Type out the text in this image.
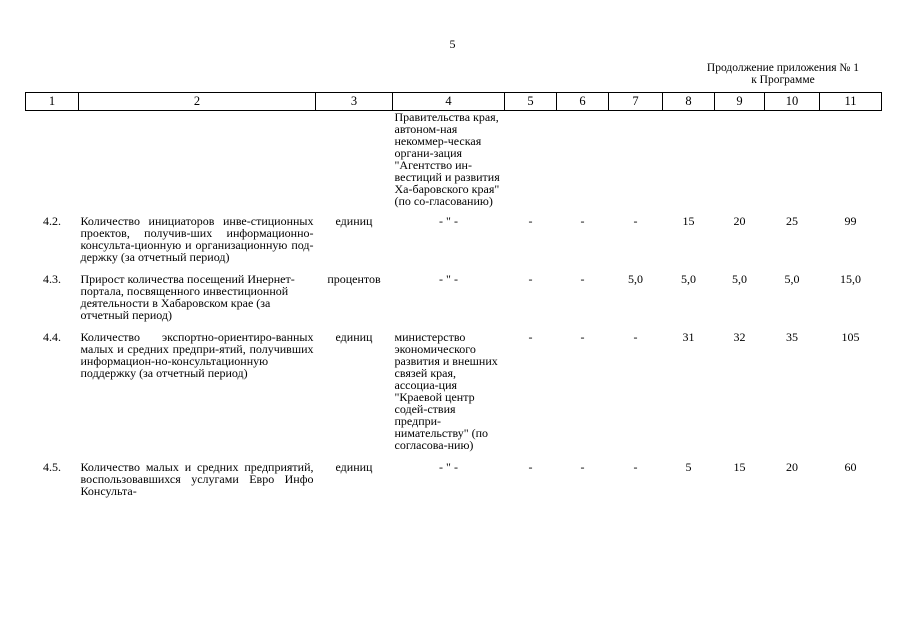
5
Продолжение приложения № 1
к Программе
1	2	3	4	5	6	7	8	9	10	11
			Правительства края, автоном-ная некоммер-ческая органи-зация "Агентство ин-вестиций и развития Ха-баровского края" (по со-гласованию)							
4.2.	Количество инициаторов инве-стиционных проектов, получив-ших информационно-консульта-ционную и организационную под-держку (за отчетный период)	единиц	- " -	-	-	-	15	20	25	99
4.3.	Прирост количества посещений Инернет-портала, посвященного инвестиционной деятельности в Хабаровском крае (за отчетный период)	процентов	- " -	-	-	5,0	5,0	5,0	5,0	15,0
4.4.	Количество экспортно-ориентиро-ванных малых и средних предпри-ятий, получивших информацион-но-консультационную поддержку (за отчетный период)	единиц	министерство экономического развития и внешних связей края, ассоциа-ция "Краевой центр содей-ствия предпри-нимательству" (по согласова-нию)	-	-	-	31	32	35	105
4.5.	Количество малых и средних предприятий, воспользовавшихся услугами Евро Инфо Консульта-	единиц	- " -	-	-	-	5	15	20	60
